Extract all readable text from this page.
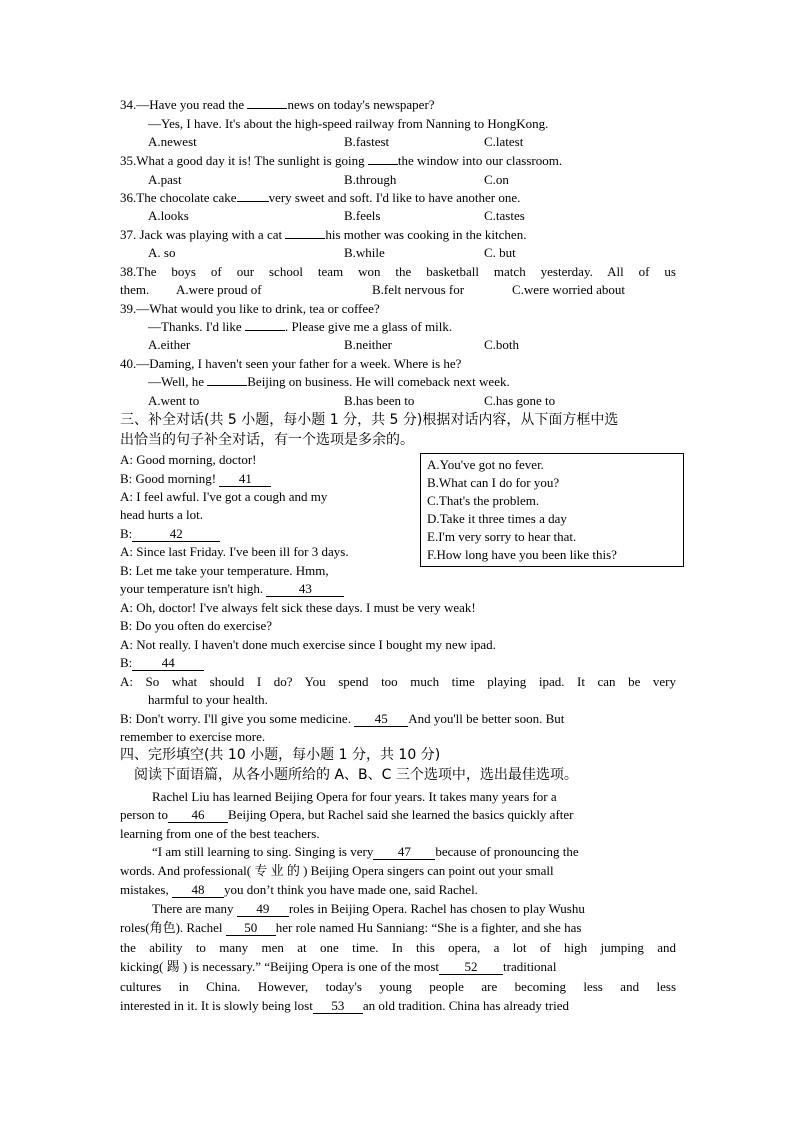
34.—Have you read the	news on today's newspaper?
—Yes, I have. It's about the high-speed railway from Nanning to HongKong.
A.newest	B.fastest	C.latest
35.What a good day it is! The sunlight is going	the window into our classroom.
A.past	B.through	C.on
36.The chocolate cake very sweet and soft. I'd like to have another one.
A.looks	B.feels	C.tastes
37. Jack was playing with a cat	his mother was cooking in the kitchen.
A. so	B.while	C. but
38.The boys of our school team won the basketball match yesterday. All of us
them. A.were proud of	B.felt nervous for	C.were worried about
39.—What would you like to drink, tea or coffee?
—Thanks. I'd like	. Please give me a glass of milk.
A.either	B.neither	C.both
40.—Daming, I haven't seen your father for a week. Where is he?
—Well, he	Beijing on business. He will comeback next week.
A.went to	B.has been to	C.has gone to
三、补全对话(共 5 小题，每小题 1 分，共 5 分)根据对话内容，从下面方框中选
出恰当的句子补全对话，有一个选项是多余的。
A.You've got no fever.
B.What can I do for you?
C.That's the problem.
D.Take it three times a day
E.I'm very sorry to hear that.
F.How long have you been like this?
A: Good morning, doctor!
B: Good morning! 41
A: I feel awful. I've got a cough and my
head hurts a lot.
B:	42
A: Since last Friday. I've been ill for 3 days.
B: Let me take your temperature. Hmm,
your temperature isn't high.	43
A: Oh, doctor! I've always felt sick these days. I must be very weak!
B: Do you often do exercise?
A: Not really. I haven't done much exercise since I bought my new ipad.
B: 44
A: So what should I do? You spend too much time playing ipad. It can be very
harmful to your health.
B: Don't worry. I'll give you some medicine. 45 And you'll be better soon. But
remember to exercise more.
四、完形填空(共 10 小题，每小题 1 分，共 10 分)
阅读下面语篇，从各小题所给的 A、B、C 三个选项中，选出最佳选项。
Rachel Liu has learned Beijing Opera for four years. It takes many years for a
person to 46 Beijing Opera, but Rachel said she learned the basics quickly after
learning from one of the best teachers.
“I am still learning to sing. Singing is very 47 because of pronouncing the
words. And professional( 专 业 的 ) Beijing Opera singers can point out your small
mistakes, 48 you don’t think you have made one, said Rachel.
There are many 49 roles in Beijing Opera. Rachel has chosen to play Wushu
roles(角色). Rachel 50 her role named Hu Sanniang: “She is a fighter, and she has
the ability to many men at one time. In this opera, a lot of high jumping and
kicking( 踢 ) is necessary.” “Beijing Opera is one of the most 52 traditional
cultures in China. However, today's young people are becoming less and less
interested in it. It is slowly being lost 53 an old tradition. China has already tried
